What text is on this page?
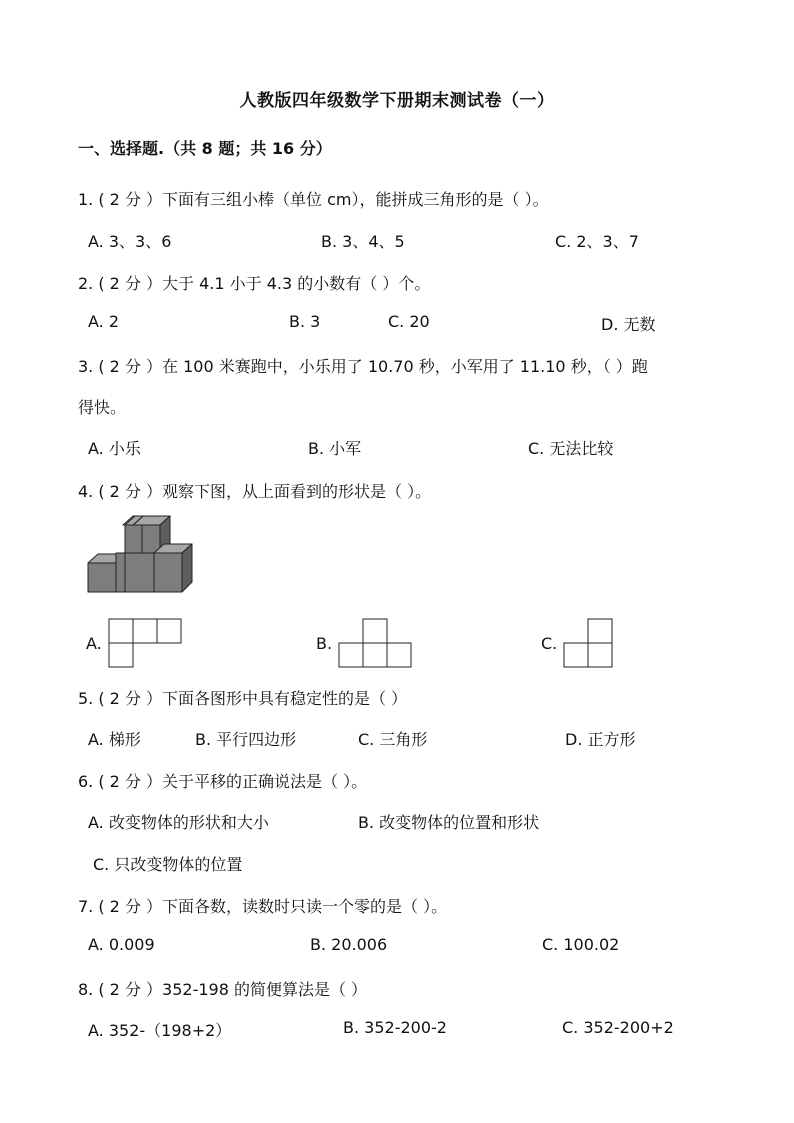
人教版四年级数学下册期末测试卷（一）
一、选择题.（共 8 题；共 16 分）
1. ( 2 分 ）下面有三组小棒（单位 cm），能拼成三角形的是（ ）。
A. 3、3、6	B. 3、4、5	C. 2、3、7
2. ( 2 分 ）大于 4.1 小于 4.3 的小数有（ ）个。
A. 2	B. 3	C. 20	D. 无数
3. ( 2 分 ）在 100 米赛跑中，小乐用了 10.70 秒，小军用了 11.10 秒，（ ）跑
得快。
A. 小乐	B. 小军	C. 无法比较
4. ( 2 分 ）观察下图，从上面看到的形状是（ ）。
A.	B.	C.
5. ( 2 分 ）下面各图形中具有稳定性的是（ ）
A. 梯形	B. 平行四边形	C. 三角形	D. 正方形
6. ( 2 分 ）关于平移的正确说法是（ ）。
A. 改变物体的形状和大小	B. 改变物体的位置和形状
C. 只改变物体的位置
7. ( 2 分 ）下面各数，读数时只读一个零的是（ ）。
A. 0.009	B. 20.006	C. 100.02
8. ( 2 分 ）352-198 的简便算法是（ ）
A. 352-（198+2）	B. 352-200-2	C. 352-200+2
